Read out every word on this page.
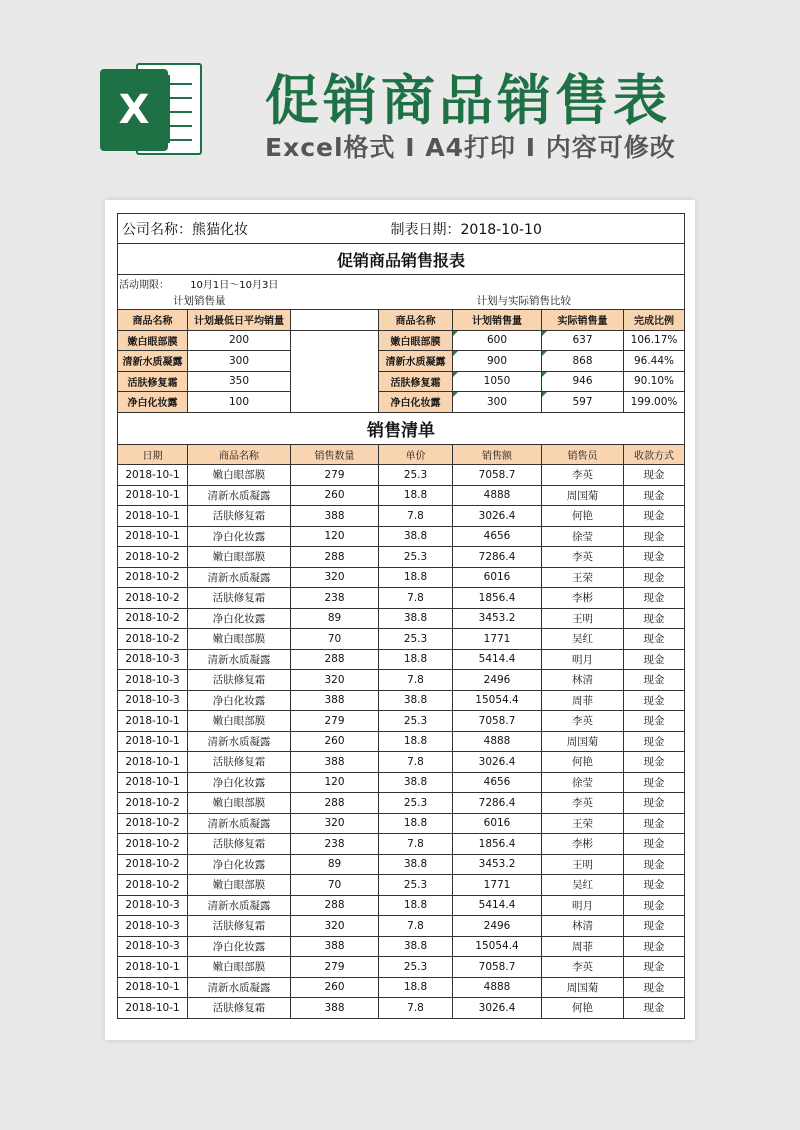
X	促销商品销售表
Excel格式 I A4打印 I 内容可修改
公司名称：熊猫化妆			制表日期：2018-10-10			
促销商品销售报表						
活动期限： 10月1日～10月3日						
计划销售量			计划与实际销售比较			
商品名称	计划最低日平均销量		商品名称	计划销售量	实际销售量	完成比例
嫩白眼部膜	200		嫩白眼部膜	600	637	106.17%
清新水质凝露	300		清新水质凝露	900	868	96.44%
活肤修复霜	350		活肤修复霜	1050	946	90.10%
净白化妆露	100		净白化妆露	300	597	199.00%
销售清单						
日期	商品名称	销售数量	单价	销售额	销售员	收款方式
2018-10-1	嫩白眼部膜	279	25.3	7058.7	李英	现金
2018-10-1	清新水质凝露	260	18.8	4888	周国菊	现金
2018-10-1	活肤修复霜	388	7.8	3026.4	何艳	现金
2018-10-1	净白化妆露	120	38.8	4656	徐莹	现金
2018-10-2	嫩白眼部膜	288	25.3	7286.4	李英	现金
2018-10-2	清新水质凝露	320	18.8	6016	王荣	现金
2018-10-2	活肤修复霜	238	7.8	1856.4	李彬	现金
2018-10-2	净白化妆露	89	38.8	3453.2	王明	现金
2018-10-2	嫩白眼部膜	70	25.3	1771	吴红	现金
2018-10-3	清新水质凝露	288	18.8	5414.4	明月	现金
2018-10-3	活肤修复霜	320	7.8	2496	林清	现金
2018-10-3	净白化妆露	388	38.8	15054.4	周菲	现金
2018-10-1	嫩白眼部膜	279	25.3	7058.7	李英	现金
2018-10-1	清新水质凝露	260	18.8	4888	周国菊	现金
2018-10-1	活肤修复霜	388	7.8	3026.4	何艳	现金
2018-10-1	净白化妆露	120	38.8	4656	徐莹	现金
2018-10-2	嫩白眼部膜	288	25.3	7286.4	李英	现金
2018-10-2	清新水质凝露	320	18.8	6016	王荣	现金
2018-10-2	活肤修复霜	238	7.8	1856.4	李彬	现金
2018-10-2	净白化妆露	89	38.8	3453.2	王明	现金
2018-10-2	嫩白眼部膜	70	25.3	1771	吴红	现金
2018-10-3	清新水质凝露	288	18.8	5414.4	明月	现金
2018-10-3	活肤修复霜	320	7.8	2496	林清	现金
2018-10-3	净白化妆露	388	38.8	15054.4	周菲	现金
2018-10-1	嫩白眼部膜	279	25.3	7058.7	李英	现金
2018-10-1	清新水质凝露	260	18.8	4888	周国菊	现金
2018-10-1	活肤修复霜	388	7.8	3026.4	何艳	现金
